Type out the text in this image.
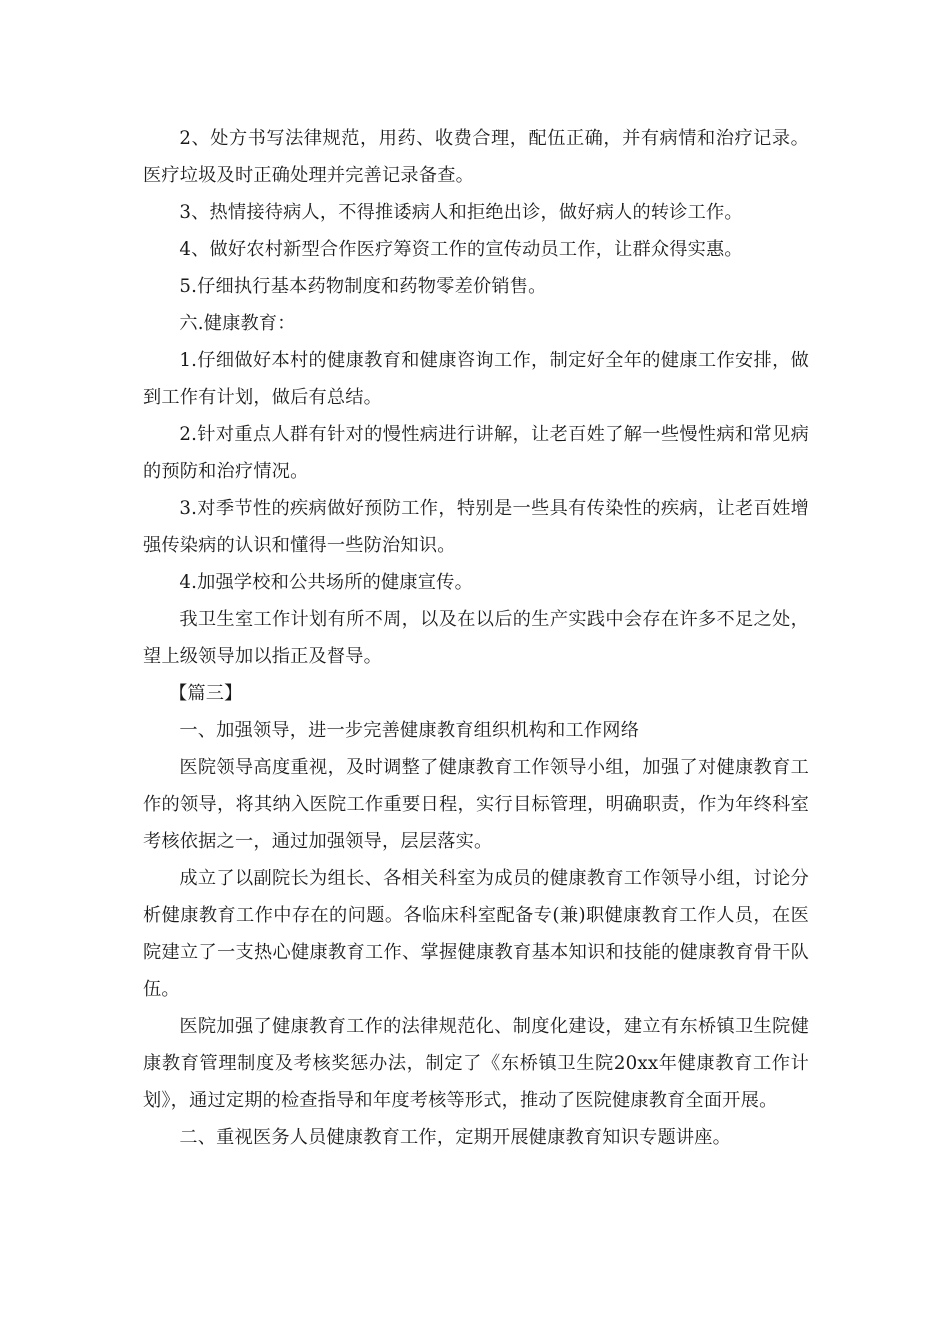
2、处方书写法律规范，用药、收费合理，配伍正确，并有病情和治疗记录。医疗垃圾及时正确处理并完善记录备查。

3、热情接待病人，不得推诿病人和拒绝出诊，做好病人的转诊工作。

4、做好农村新型合作医疗筹资工作的宣传动员工作，让群众得实惠。

5.仔细执行基本药物制度和药物零差价销售。

六.健康教育：

1.仔细做好本村的健康教育和健康咨询工作，制定好全年的健康工作安排，做到工作有计划，做后有总结。

2.针对重点人群有针对的慢性病进行讲解，让老百姓了解一些慢性病和常见病的预防和治疗情况。

3.对季节性的疾病做好预防工作，特别是一些具有传染性的疾病，让老百姓增强传染病的认识和懂得一些防治知识。

4.加强学校和公共场所的健康宣传。

我卫生室工作计划有所不周，以及在以后的生产实践中会存在许多不足之处，望上级领导加以指正及督导。

【篇三】

一、加强领导，进一步完善健康教育组织机构和工作网络

医院领导高度重视，及时调整了健康教育工作领导小组，加强了对健康教育工作的领导，将其纳入医院工作重要日程，实行目标管理，明确职责，作为年终科室考核依据之一，通过加强领导，层层落实。

成立了以副院长为组长、各相关科室为成员的健康教育工作领导小组，讨论分析健康教育工作中存在的问题。各临床科室配备专(兼)职健康教育工作人员，在医院建立了一支热心健康教育工作、掌握健康教育基本知识和技能的健康教育骨干队伍。

医院加强了健康教育工作的法律规范化、制度化建设，建立有东桥镇卫生院健康教育管理制度及考核奖惩办法，制定了《东桥镇卫生院20xx年健康教育工作计划》，通过定期的检查指导和年度考核等形式，推动了医院健康教育全面开展。

二、重视医务人员健康教育工作，定期开展健康教育知识专题讲座。
